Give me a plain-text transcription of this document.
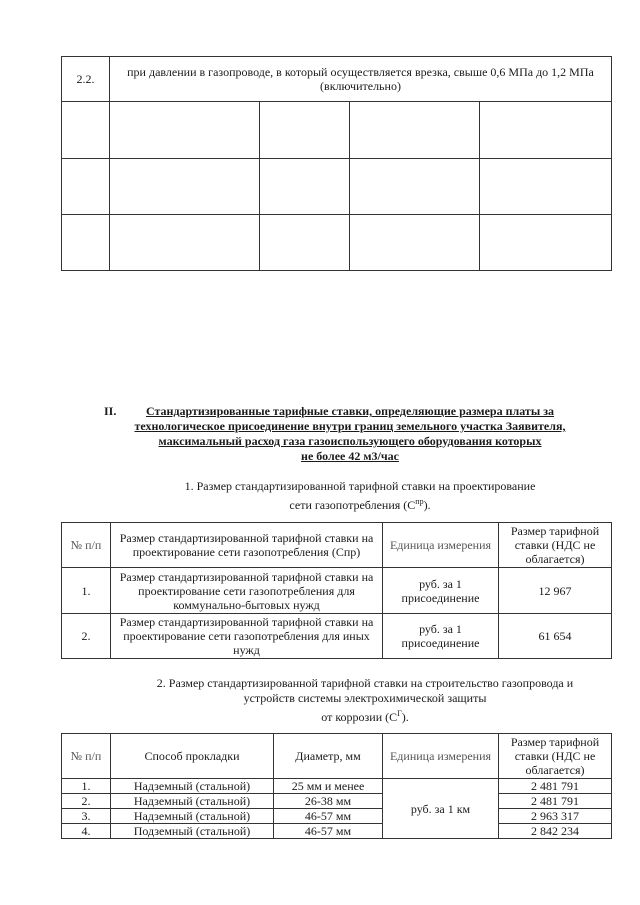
2.2.	при давлении в газопроводе, в который осуществляется врезка, свыше 0,6 МПа до 1,2 МПа (включительно)			

II.	Стандартизированные тарифные ставки, определяющие размера платы за
технологическое присоединение внутри границ земельного участка Заявителя,
максимальный расход газа газоиспользующего оборудования которых
не более 42 м3/час
1. Размер стандартизированной тарифной ставки на проектирование
сети газопотребления $(С^{пр})$.
№ п/п	Размер стандартизированной тарифной ставки на проектирование сети газопотребления (Спр)	Единица измерения	Размер тарифной ставки (НДС не облагается)
1.	Размер стандартизированной тарифной ставки на проектирование сети газопотребления для коммунально-бытовых нужд	руб. за 1 присоединение	12 967
2.	Размер стандартизированной тарифной ставки на проектирование сети газопотребления для иных нужд	руб. за 1 присоединение	61 654
2. Размер стандартизированной тарифной ставки на строительство газопровода и
устройств системы электрохимической защиты
от коррозии $(С^Г)$.
№ п/п	Способ прокладки	Диаметр, мм	Единица измерения	Размер тарифной ставки (НДС не облагается)
1.	Надземный (стальной)	25 мм и менее	руб. за 1 км	2 481 791
2.	Надземный (стальной)	26-38 мм		2 481 791
3.	Надземный (стальной)	46-57 мм		2 963 317
4.	Подземный (стальной)	46-57 мм		2 842 234
